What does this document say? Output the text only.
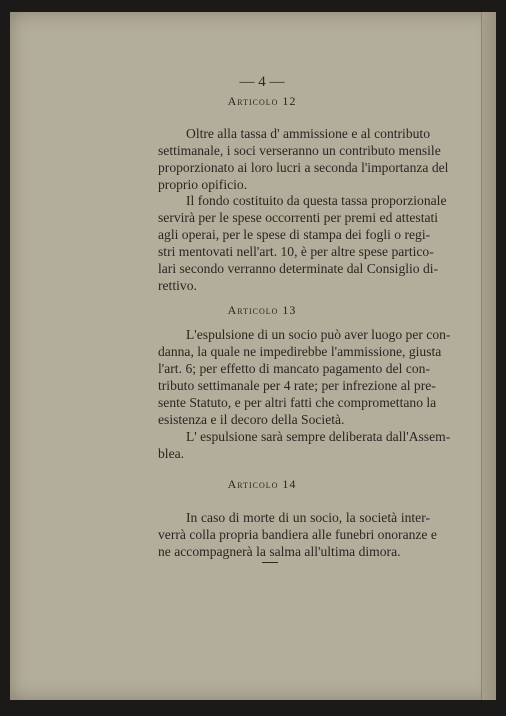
— 4 —
Articolo 12
Oltre alla tassa d' ammissione e al contributo
settimanale, i soci verseranno un contributo mensile
proporzionato ai loro lucri a seconda l'importanza del
proprio opificio.
Il fondo costituito da questa tassa proporzionale
servirà per le spese occorrenti per premi ed attestati
agli operai, per le spese di stampa dei fogli o regi-
stri mentovati nell'art. 10, è per altre spese partico-
lari secondo verranno determinate dal Consiglio di-
rettivo.
Articolo 13
L'espulsione di un socio può aver luogo per con-
danna, la quale ne impedirebbe l'ammissione, giusta
l'art. 6; per effetto di mancato pagamento del con-
tributo settimanale per 4 rate; per infrezione al pre-
sente Statuto, e per altri fatti che compromettano la
esistenza e il decoro della Società.
L' espulsione sarà sempre deliberata dall'Assem-
blea.
Articolo 14
In caso di morte di un socio, la società inter-
verrà colla propria bandiera alle funebri onoranze e
ne accompagnerà la salma all'ultima dimora.
